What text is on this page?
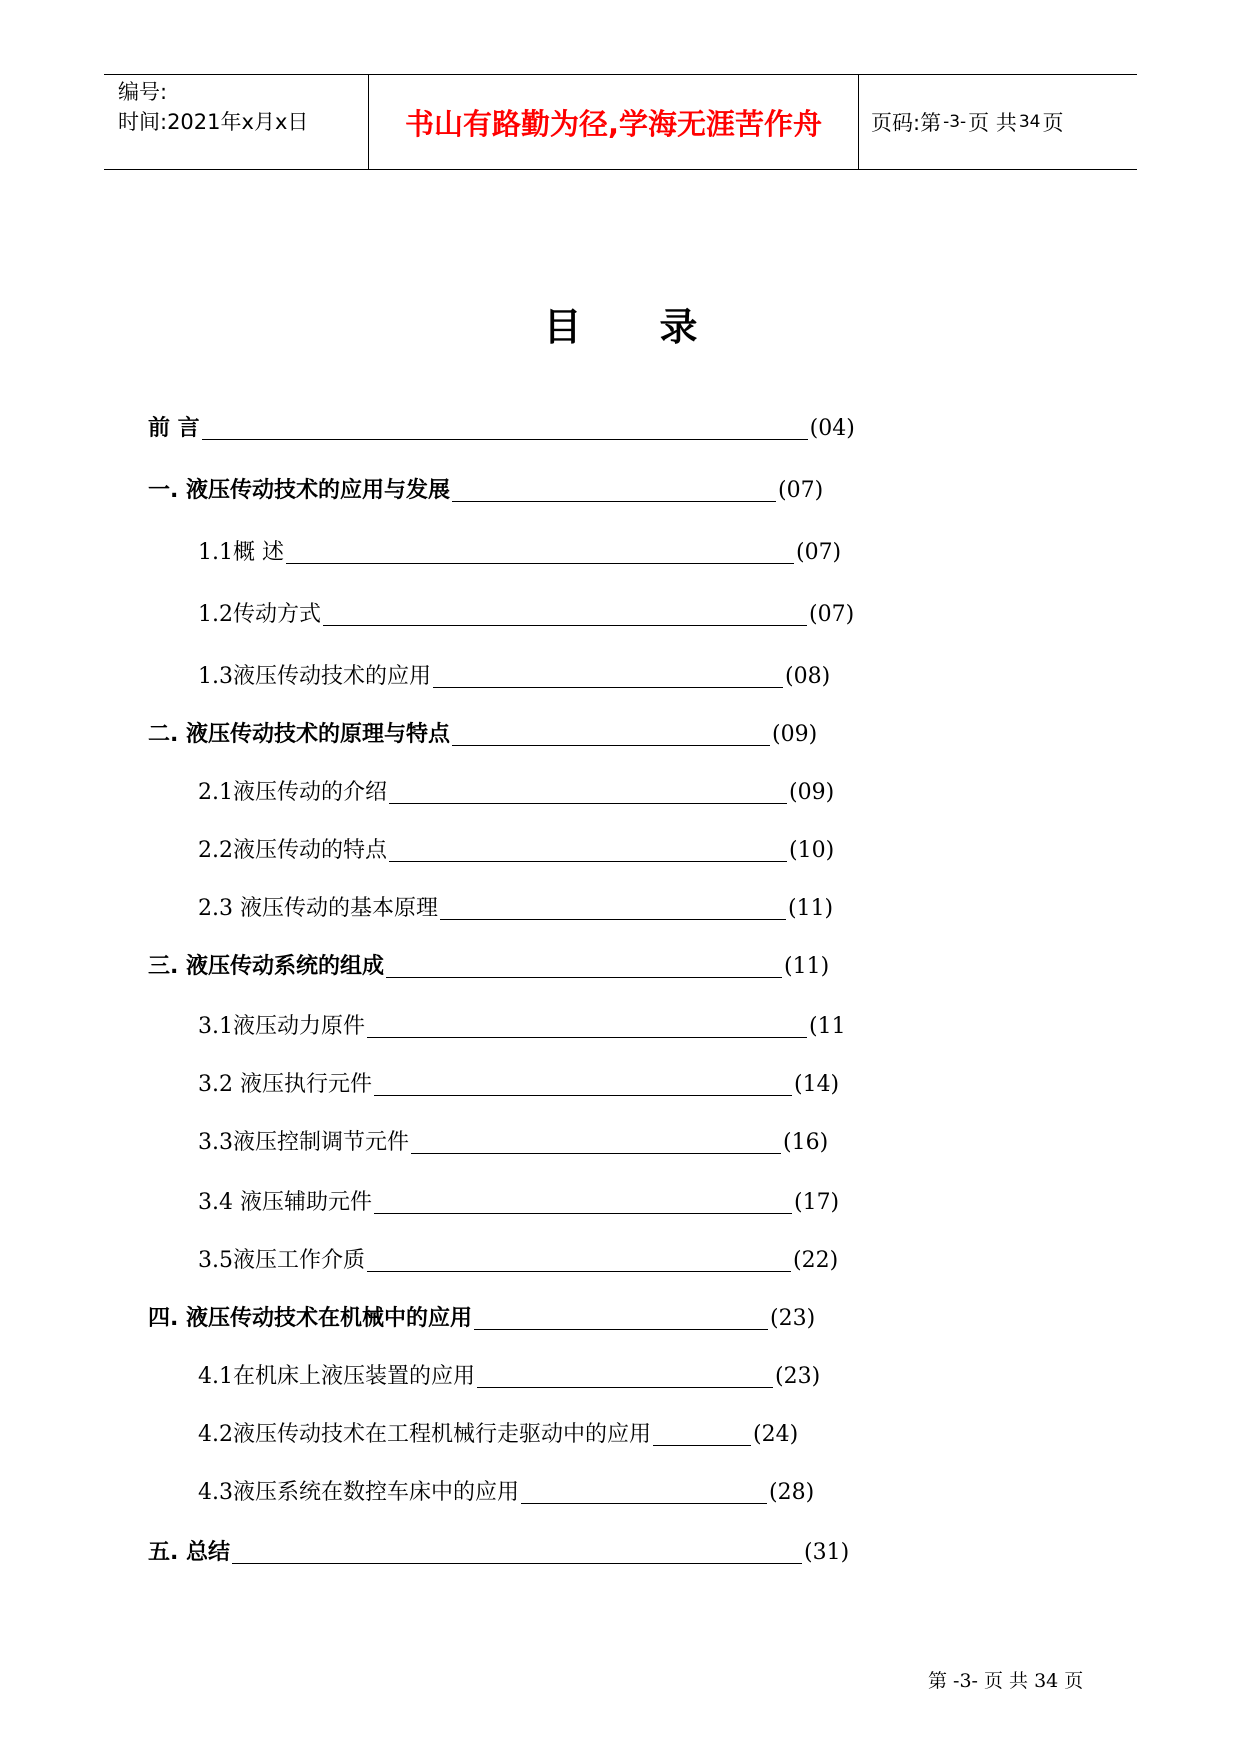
编号:
时间:2021年x月x日	书山有路勤为径,学海无涯苦作舟	页码:第 -3- 页 共 34 页
目 录
前 言	(04)
一. 液压传动技术的应用与发展	(07)
1.1概 述	(07)
1.2传动方式	(07)
1.3液压传动技术的应用	(08)
二. 液压传动技术的原理与特点	(09)
2.1液压传动的介绍	(09)
2.2液压传动的特点	(10)
2.3 液压传动的基本原理	(11)
三. 液压传动系统的组成	(11)
3.1液压动力原件	(11
3.2 液压执行元件	(14)
3.3液压控制调节元件	(16)
3.4 液压辅助元件	(17)
3.5液压工作介质	(22)
四. 液压传动技术在机械中的应用	(23)
4.1在机床上液压装置的应用	(23)
4.2液压传动技术在工程机械行走驱动中的应用	(24)
4.3液压系统在数控车床中的应用	(28)
五. 总结	(31)
第 -3- 页 共 34 页
